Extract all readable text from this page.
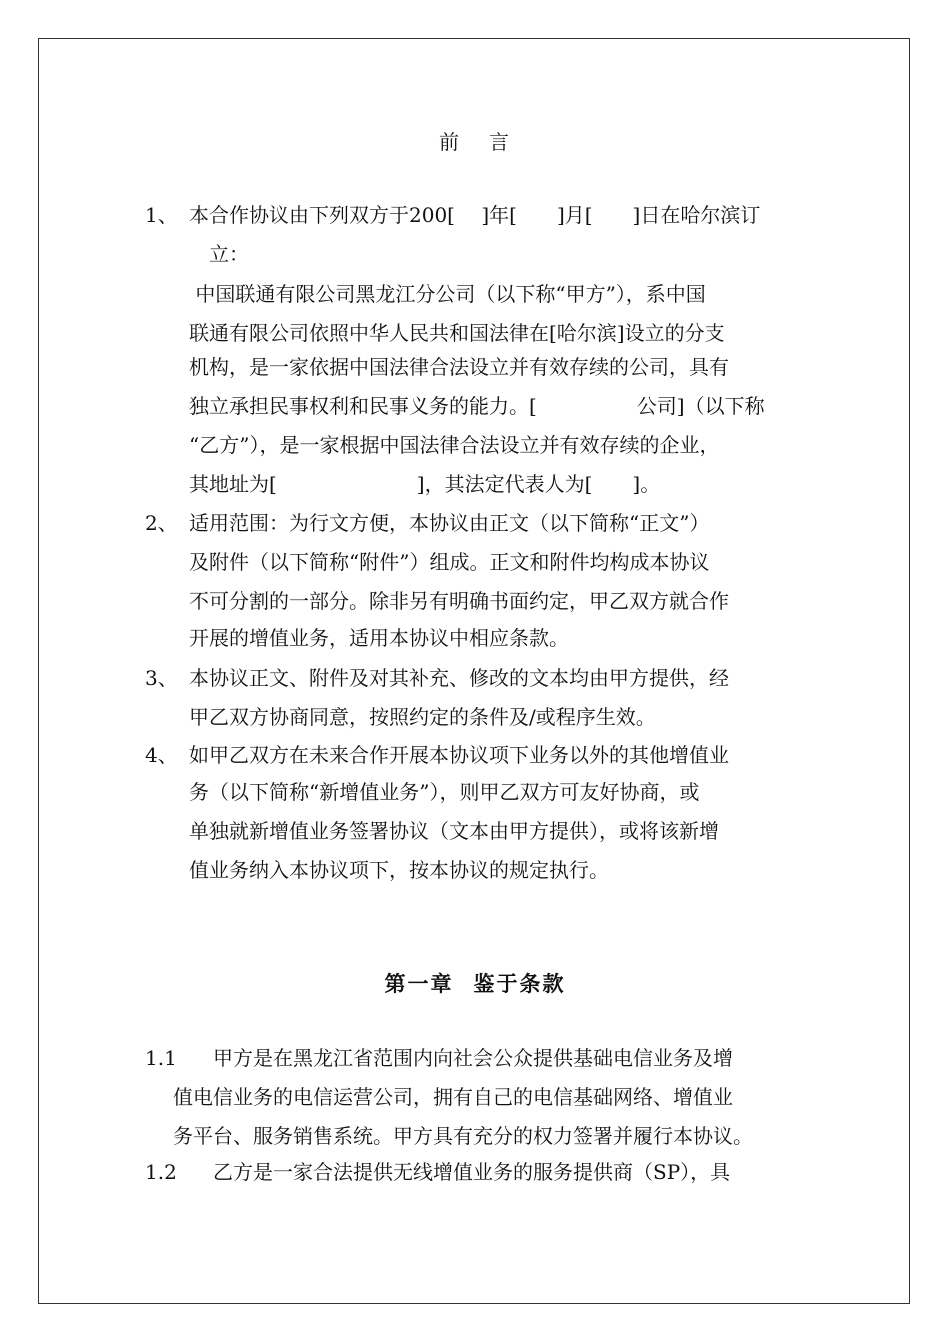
前 言
1、 本合作协议由下列双方于200[　 ]年[　　]月[　　]日在哈尔滨订
　立：
中国联通有限公司黑龙江分公司（以下称“甲方”），系中国
联通有限公司依照中华人民共和国法律在[哈尔滨]设立的分支
机构，是一家依据中国法律合法设立并有效存续的公司，具有
独立承担民事权利和民事义务的能力。[　　　　　公司]（以下称
“乙方”），是一家根据中国法律合法设立并有效存续的企业，
其地址为[　　　　　　　]，其法定代表人为[　　]。
2、 适用范围：为行文方便，本协议由正文（以下简称“正文”）
及附件（以下简称“附件”）组成。正文和附件均构成本协议
不可分割的一部分。除非另有明确书面约定，甲乙双方就合作
开展的增值业务，适用本协议中相应条款。
3、 本协议正文、附件及对其补充、修改的文本均由甲方提供，经
甲乙双方协商同意，按照约定的条件及/或程序生效。
4、 如甲乙双方在未来合作开展本协议项下业务以外的其他增值业
务（以下简称“新增值业务”），则甲乙双方可友好协商，或
单独就新增值业务签署协议（文本由甲方提供），或将该新增
值业务纳入本协议项下，按本协议的规定执行。
第一章 鉴于条款
1.1 甲方是在黑龙江省范围内向社会公众提供基础电信业务及增
值电信业务的电信运营公司，拥有自己的电信基础网络、增值业
务平台、服务销售系统。甲方具有充分的权力签署并履行本协议。
1.2 乙方是一家合法提供无线增值业务的服务提供商（SP），具
